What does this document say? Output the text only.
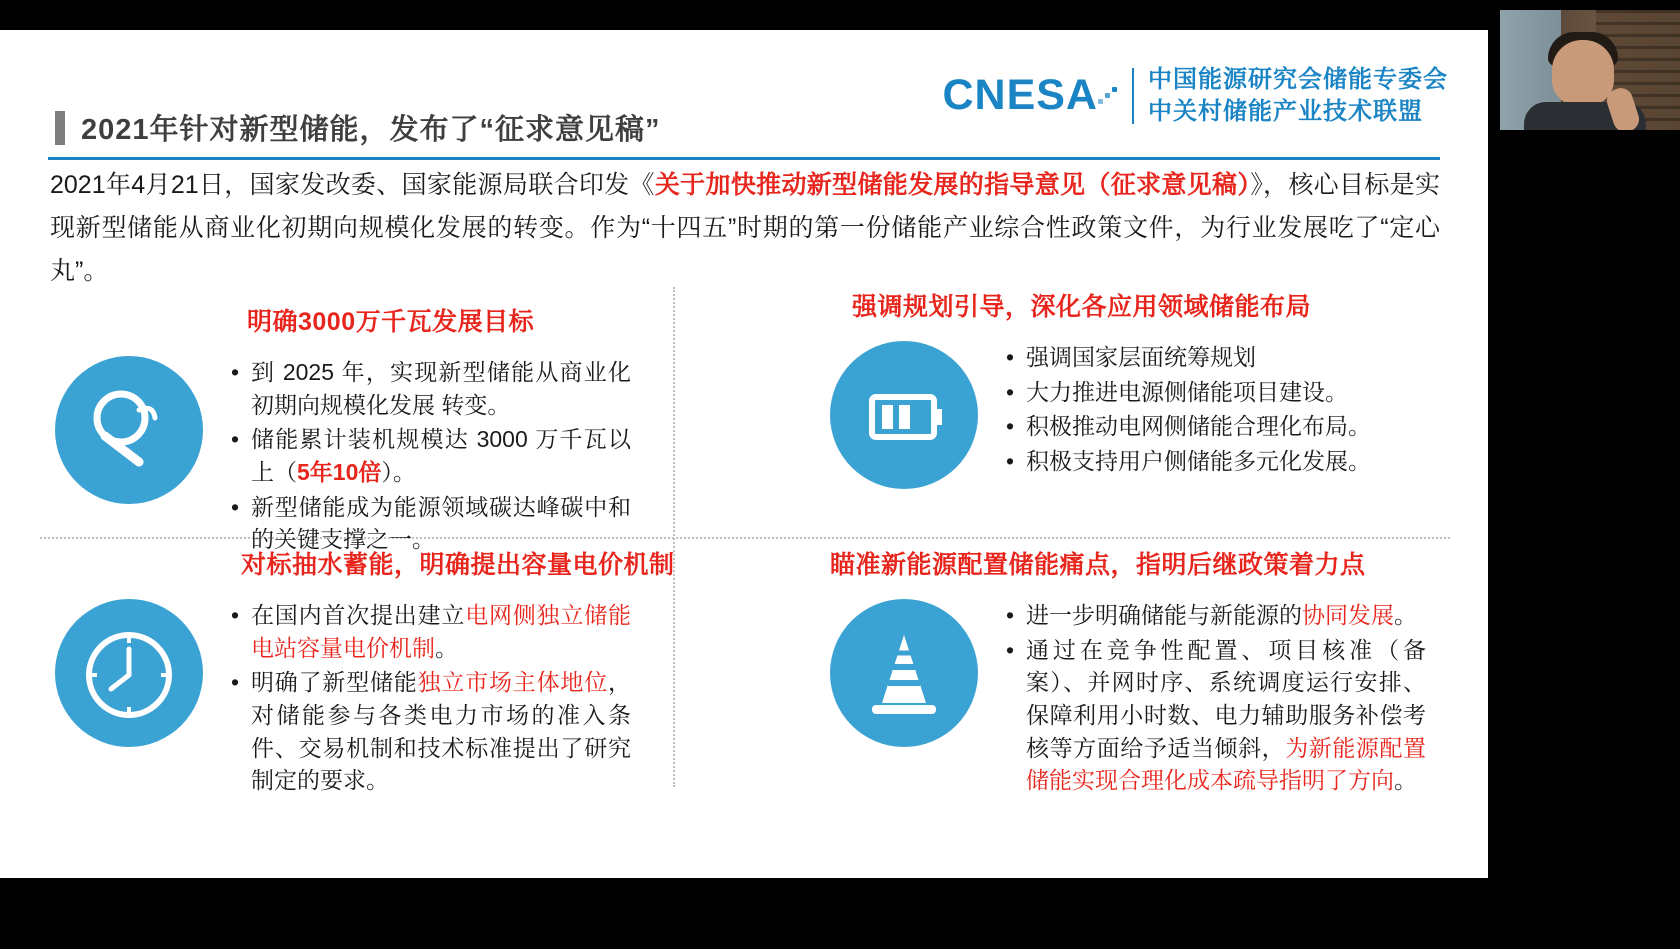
CNESA	中国能源研究会储能专委会
中关村储能产业技术联盟
2021年针对新型储能，发布了“征求意见稿”
2021年4月21日，国家发改委、国家能源局联合印发《关于加快推动新型储能发展的指导意见（征求意见稿）》，核心目标是实现新型储能从商业化初期向规模化发展的转变。作为“十四五”时期的第一份储能产业综合性政策文件，为行业发展吃了“定心丸”。
明确3000万千瓦发展目标
• 到 2025 年，实现新型储能从商业化初期向规模化发展 转变。
• 储能累计装机规模达 3000 万千瓦以上（5年10倍）。
• 新型储能成为能源领域碳达峰碳中和的关键支撑之一。
强调规划引导，深化各应用领域储能布局
• 强调国家层面统筹规划
• 大力推进电源侧储能项目建设。
• 积极推动电网侧储能合理化布局。
• 积极支持用户侧储能多元化发展。
对标抽水蓄能，明确提出容量电价机制
• 在国内首次提出建立电网侧独立储能电站容量电价机制。
• 明确了新型储能独立市场主体地位，对储能参与各类电力市场的准入条件、交易机制和技术标准提出了研究制定的要求。
瞄准新能源配置储能痛点，指明后继政策着力点
• 进一步明确储能与新能源的协同发展。
• 通过在竞争性配置、项目核准（备案）、并网时序、系统调度运行安排、保障利用小时数、电力辅助服务补偿考核等方面给予适当倾斜，为新能源配置储能实现合理化成本疏导指明了方向。
